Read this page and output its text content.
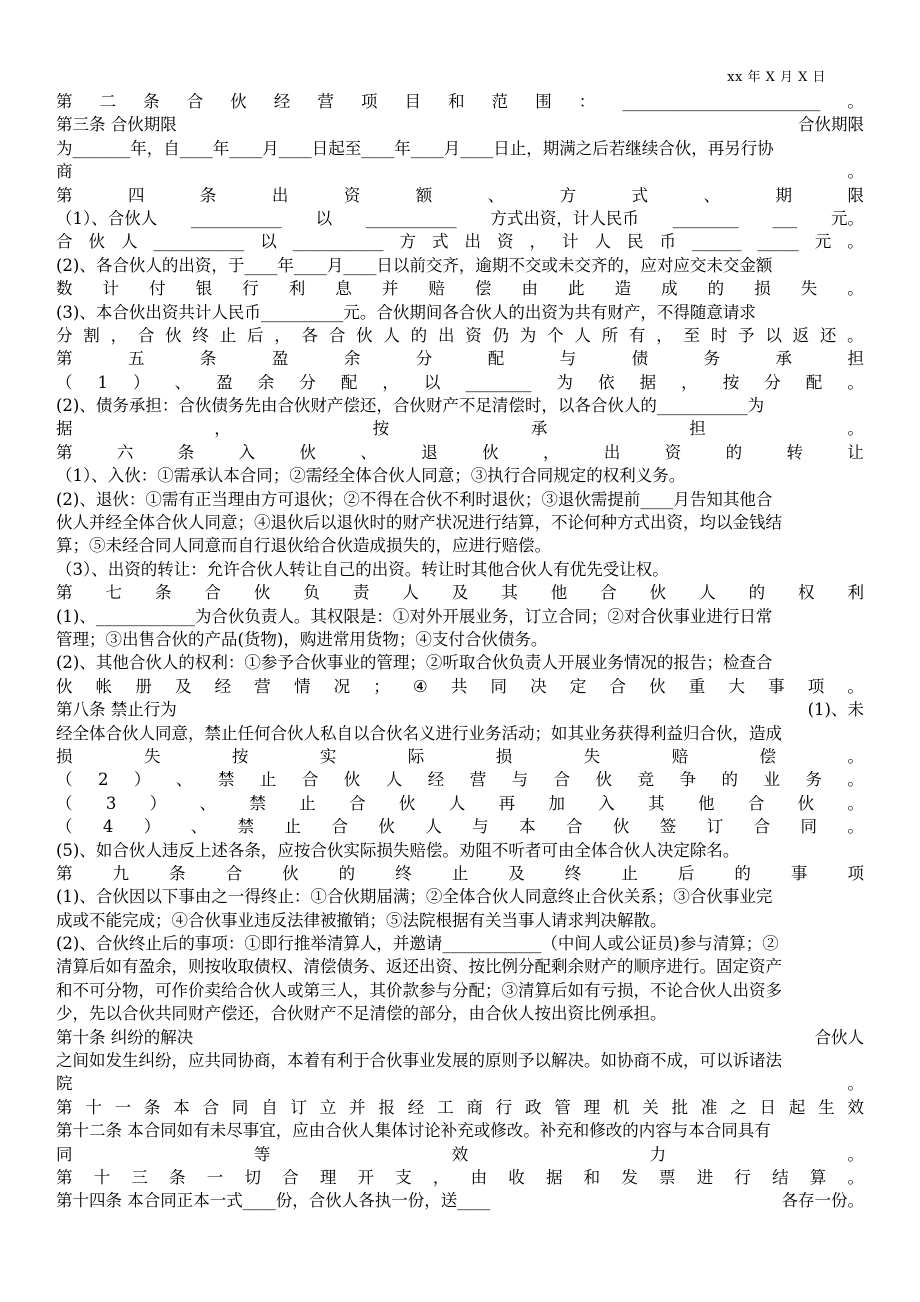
xx 年 X 月 X 日
第 二 条 合 伙 经 营 项 目 和 范 围 ： ________________________ 。
第三条 合伙期限	合伙期限
为_______年，自____年____月____日起至____年____月____日止，期满之后若继续合伙，再另行协
商	。
第	四	条	出	资	额	、	方	式	、	期	限
（1）、合伙人 ___________ 以 ___________ 方式出资，计人民币 ________ ___ 元。
合 伙 人 ___________ 以 ___________ 方 式 出 资 ， 计 人 民 币 ______ _____ 元 。
(2)、各合伙人的出资，于____年____月____日以前交齐，逾期不交或未交齐的，应对应交未交金额
数 计 付 银 行 利 息 并 赔 偿 由 此 造 成 的 损 失 。
(3)、本合伙出资共计人民币__________元。合伙期间各合伙人的出资为共有财产，不得随意请求
分 割 ， 合 伙 终 止 后 ， 各 合 伙 人 的 出 资 仍 为 个 人 所 有 ， 至 时 予 以 返 还 。
第	五	条	盈	余	分	配	与	债	务	承	担
（ 1 ） 、 盈 余 分 配 ， 以 ________ 为 依 据 ， 按 分 配 。
(2)、债务承担：合伙债务先由合伙财产偿还，合伙财产不足清偿时，以各合伙人的___________为
据	，	按	承	担	。
第	六	条	入	伙	、	退	伙	，	出	资	的	转	让
（1）、入伙：①需承认本合同；②需经全体合伙人同意；③执行合同规定的权利义务。
(2)、退伙：①需有正当理由方可退伙；②不得在合伙不利时退伙；③退伙需提前____月告知其他合
伙人并经全体合伙人同意；④退伙后以退伙时的财产状况进行结算，不论何种方式出资，均以金钱结
算；⑤未经合同人同意而自行退伙给合伙造成损失的，应进行赔偿。
（3）、出资的转让：允许合伙人转让自己的出资。转让时其他合伙人有优先受让权。
第 七 条 合 伙 负 责 人 及 其 他 合 伙 人 的 权 利
(1)、____________为合伙负责人。其权限是：①对外开展业务，订立合同；②对合伙事业进行日常
管理；③出售合伙的产品(货物)，购进常用货物；④支付合伙债务。
(2)、其他合伙人的权利：①参予合伙事业的管理；②听取合伙负责人开展业务情况的报告；检查合
伙 帐 册 及 经 营 情 况 ； ④ 共 同 决 定 合 伙 重 大 事 项 。
第八条 禁止行为	(1)、未
经全体合伙人同意，禁止任何合伙人私自以合伙名义进行业务活动；如其业务获得利益归合伙，造成
损	失	按	实	际	损	失	赔	偿	。
（ 2 ） 、 禁 止 合 伙 人 经 营 与 合 伙 竞 争 的 业 务 。
（ 3 ） 、 禁 止 合 伙 人 再 加 入 其 他 合 伙 。
（ 4 ） 、 禁 止 合 伙 人 与 本 合 伙 签 订 合 同 。
(5)、如合伙人违反上述各条，应按合伙实际损失赔偿。劝阻不听者可由全体合伙人决定除名。
第 九 条 合 伙 的 终 止 及 终 止 后 的 事 项
(1)、合伙因以下事由之一得终止：①合伙期届满；②全体合伙人同意终止合伙关系；③合伙事业完
成或不能完成；④合伙事业违反法律被撤销；⑤法院根据有关当事人请求判决解散。
(2)、合伙终止后的事项：①即行推举清算人，并邀请____________（中间人或公证员)参与清算；②
清算后如有盈余，则按收取债权、清偿债务、返还出资、按比例分配剩余财产的顺序进行。固定资产
和不可分物，可作价卖给合伙人或第三人，其价款参与分配；③清算后如有亏损，不论合伙人出资多
少，先以合伙共同财产偿还，合伙财产不足清偿的部分，由合伙人按出资比例承担。
第十条 纠纷的解决	合伙人
之间如发生纠纷，应共同协商，本着有利于合伙事业发展的原则予以解决。如协商不成，可以诉诸法
院	。
第 十 一 条 本 合 同 自 订 立 并 报 经 工 商 行 政 管 理 机 关 批 准 之 日 起 生 效
第十二条 本合同如有未尽事宜，应由合伙人集体讨论补充或修改。补充和修改的内容与本合同具有
同	等	效	力	。
第 十 三 条 一 切 合 理 开 支 ， 由 收 据 和 发 票 进 行 结 算 。
第十四条 本合同正本一式____份，合伙人各执一份，送____	各存一份。
